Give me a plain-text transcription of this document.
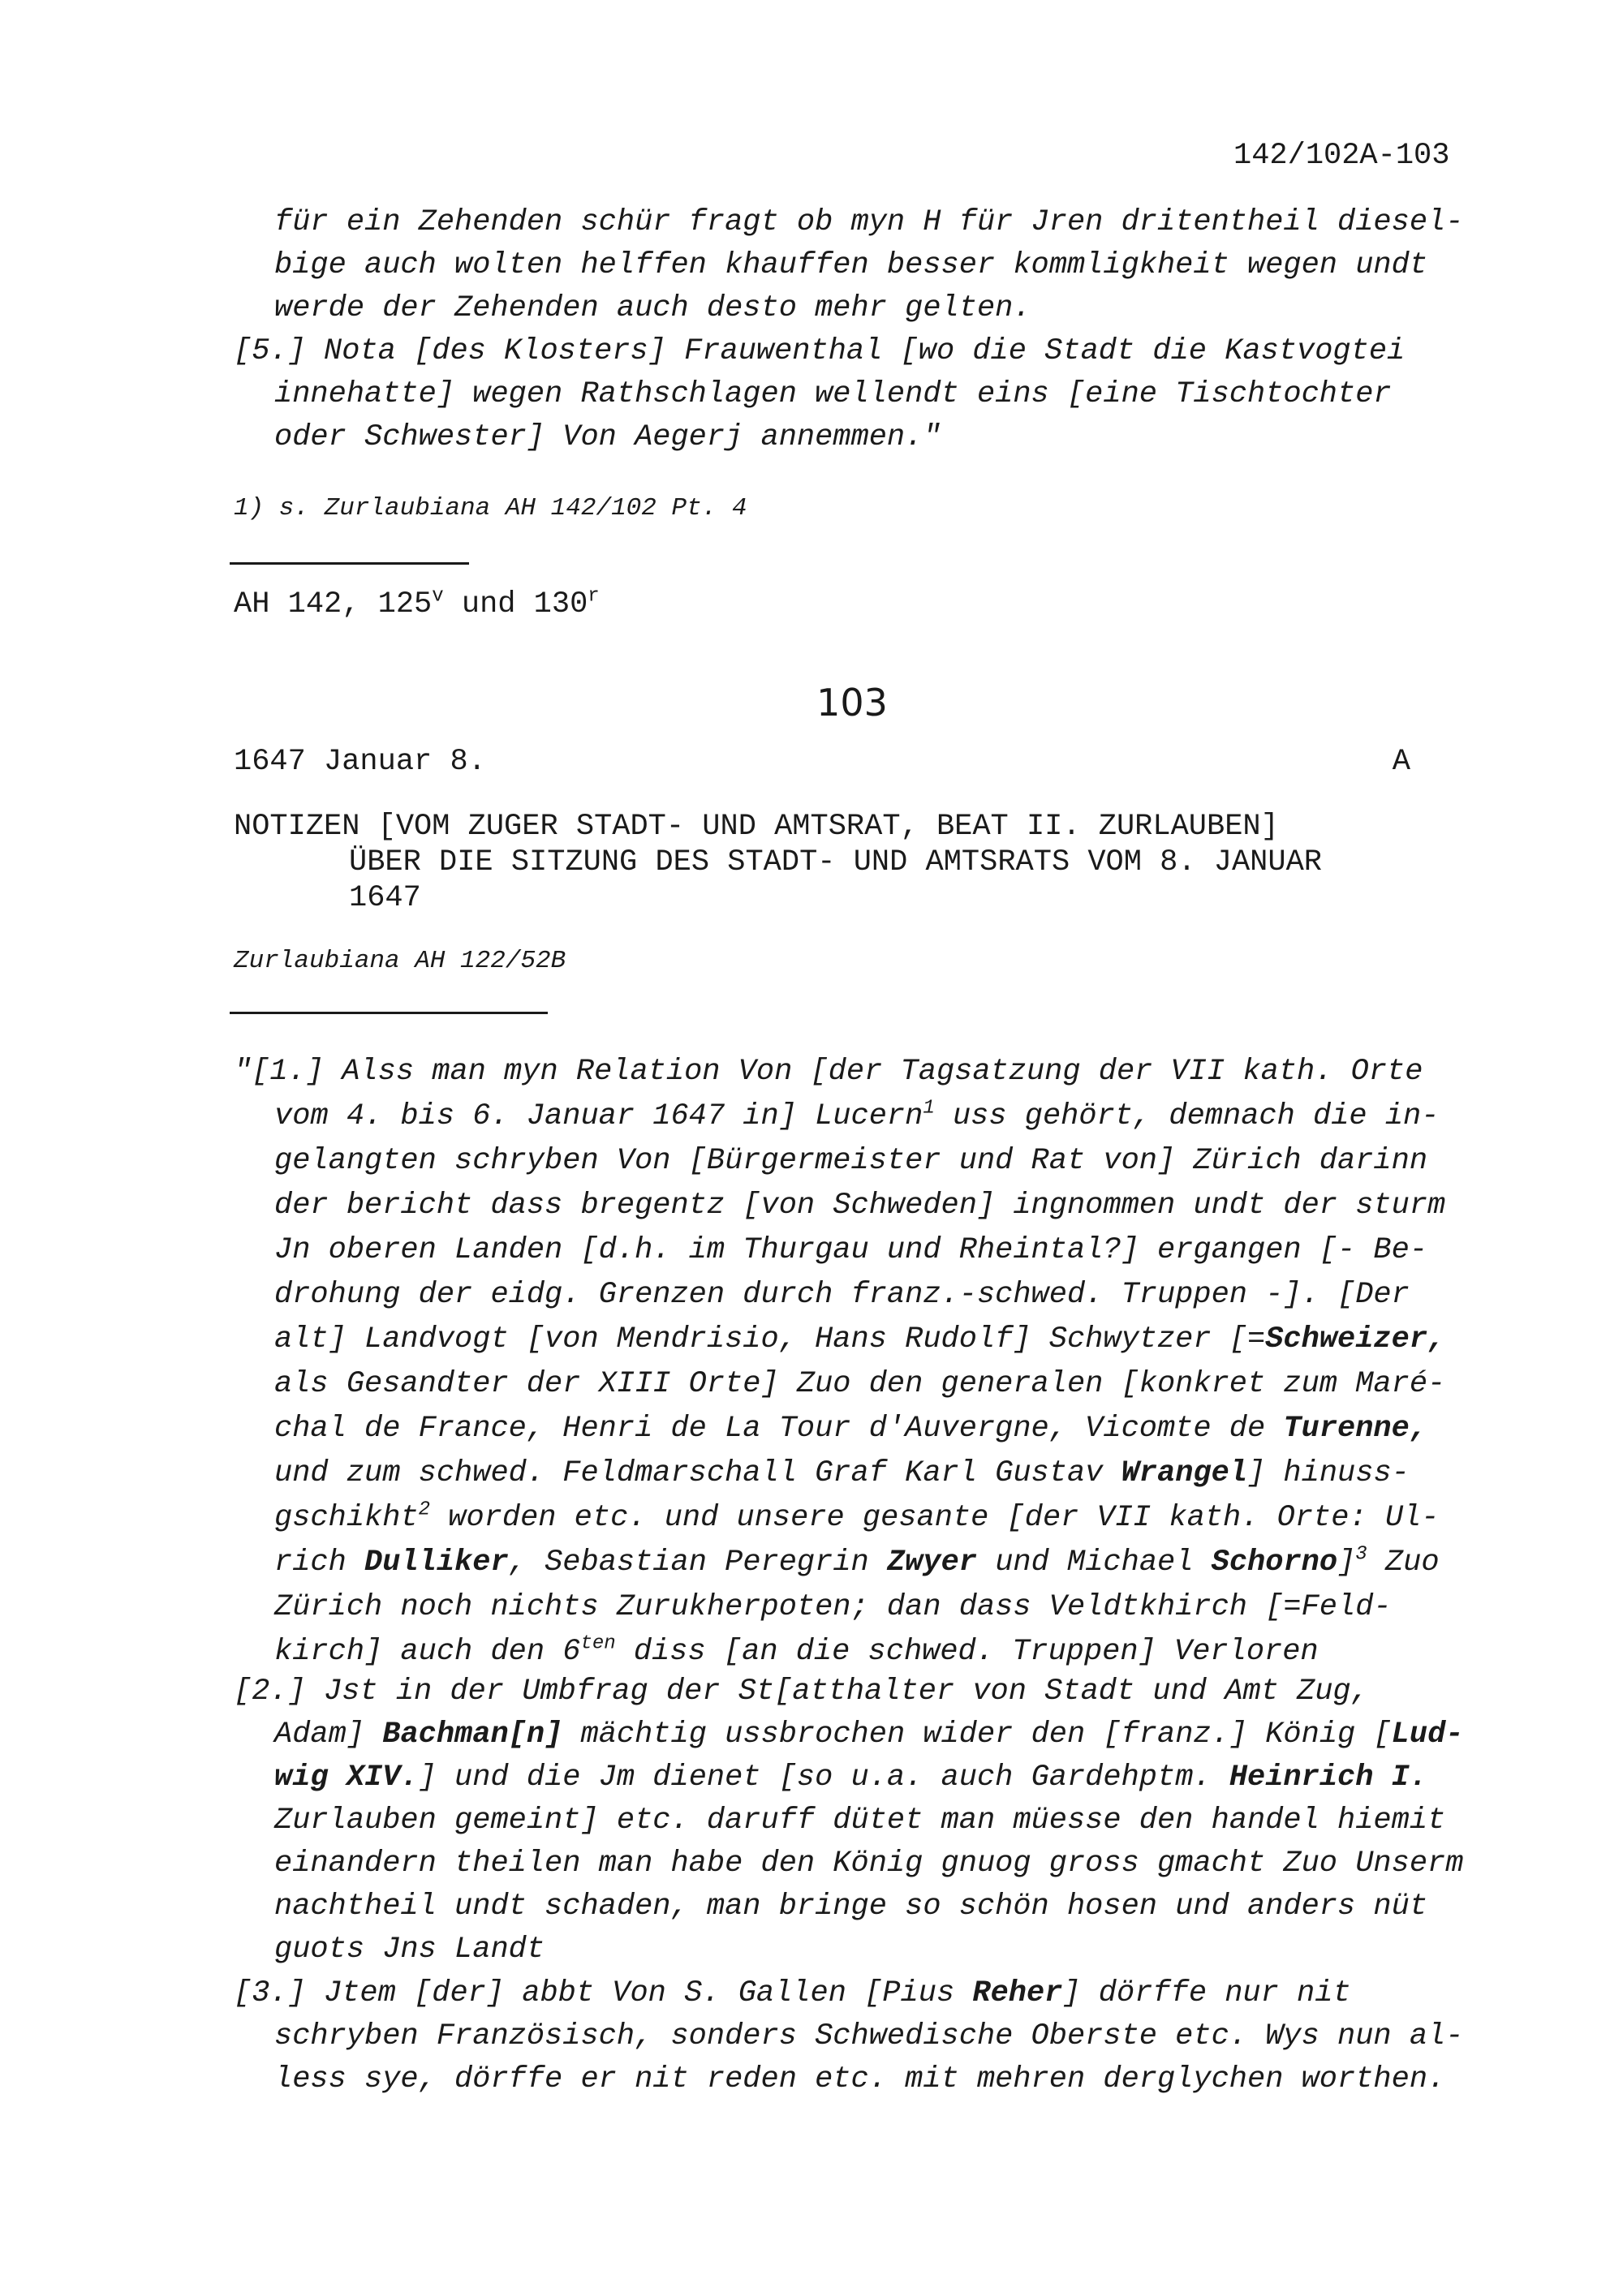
142/102A-103
für ein Zehenden schür fragt ob myn H für Jren dritentheil diesel-
bige auch wolten helffen khauffen besser kommligkheit wegen undt
werde der Zehenden auch desto mehr gelten.
[5.] Nota [des Klosters] Frauwenthal [wo die Stadt die Kastvogtei
innehatte] wegen Rathschlagen wellendt eins [eine Tischtochter
oder Schwester] Von Aegerj annemmen."
1) s. Zurlaubiana AH 142/102 Pt. 4
AH 142, 125$^v$ und 130$^r$
103
1647 Januar 8.	A
NOTIZEN [VOM ZUGER STADT- UND AMTSRAT, BEAT II. ZURLAUBEN]
ÜBER DIE SITZUNG DES STADT- UND AMTSRATS VOM 8. JANUAR
1647
Zurlaubiana AH 122/52B
"[1.] Alss man myn Relation Von [der Tagsatzung der VII kath. Orte
vom 4. bis 6. Januar 1647 in] Lucern$^1$ uss gehört, demnach die in-
gelangten schryben Von [Bürgermeister und Rat von] Zürich darinn
der bericht dass bregentz [von Schweden] ingnommen undt der sturm
Jn oberen Landen [d.h. im Thurgau und Rheintal?] ergangen [- Be-
drohung der eidg. Grenzen durch franz.-schwed. Truppen -]. [Der
alt] Landvogt [von Mendrisio, Hans Rudolf] Schwytzer [=Schweizer,
als Gesandter der XIII Orte] Zuo den generalen [konkret zum Maré-
chal de France, Henri de La Tour d'Auvergne, Vicomte de Turenne,
und zum schwed. Feldmarschall Graf Karl Gustav Wrangel] hinuss-
gschikht$^2$ worden etc. und unsere gesante [der VII kath. Orte: Ul-
rich Dulliker, Sebastian Peregrin Zwyer und Michael Schorno]$^3$ Zuo
Zürich noch nichts Zurukherpoten; dan dass Veldtkhirch [=Feld-
kirch] auch den $6^{ten}$ diss [an die schwed. Truppen] Verloren
[2.] Jst in der Umbfrag der St[atthalter von Stadt und Amt Zug,
Adam] Bachman[n] mächtig ussbrochen wider den [franz.] König [Lud-
wig XIV.] und die Jm dienet [so u.a. auch Gardehptm. Heinrich I.
Zurlauben gemeint] etc. daruff dütet man müesse den handel hiemit
einandern theilen man habe den König gnuog gross gmacht Zuo Unserm
nachtheil undt schaden, man bringe so schön hosen und anders nüt
guots Jns Landt
[3.] Jtem [der] abbt Von S. Gallen [Pius Reher] dörffe nur nit
schryben Französisch, sonders Schwedische Oberste etc. Wys nun al-
less sye, dörffe er nit reden etc. mit mehren derglychen worthen.
